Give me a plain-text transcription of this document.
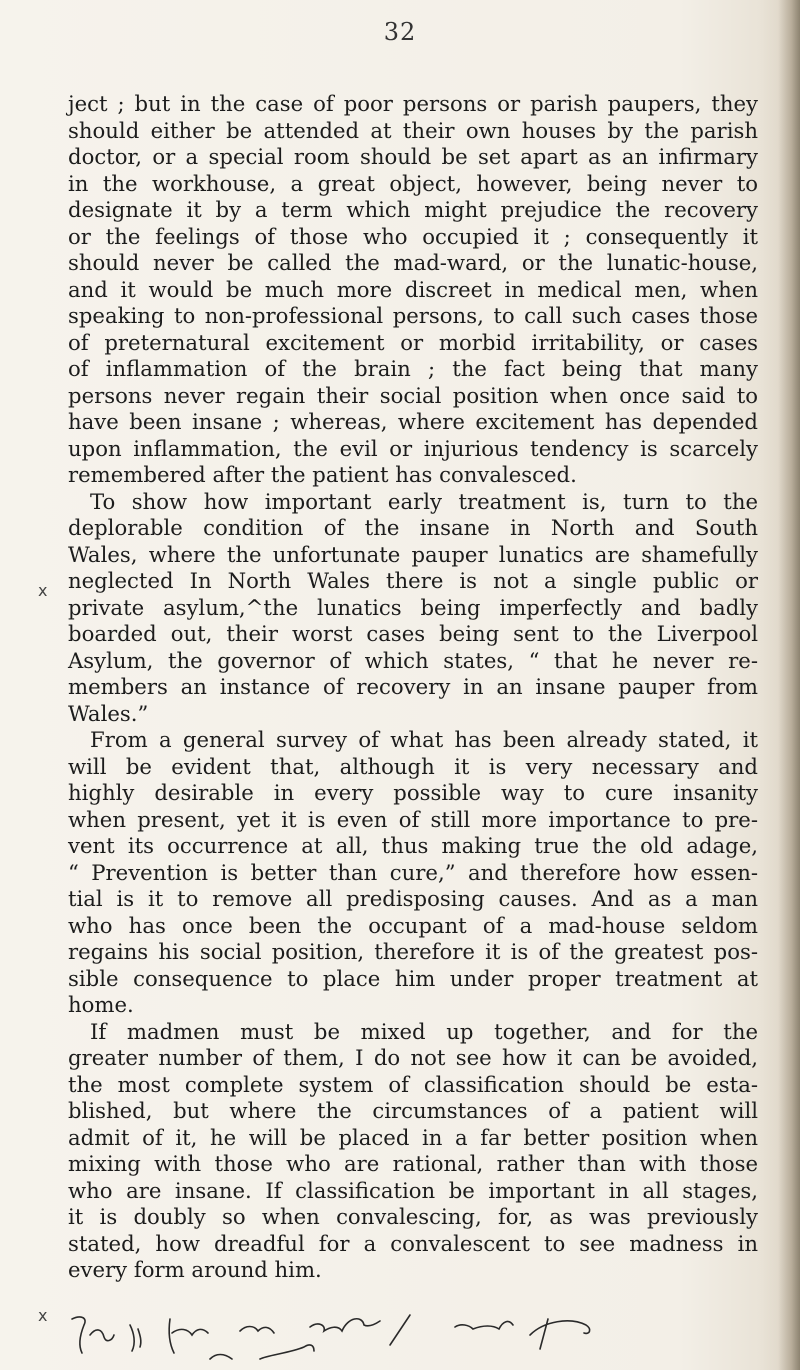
32
ject ; but in the case of poor persons or parish paupers, they
should either be attended at their own houses by the parish
doctor, or a special room should be set apart as an infirmary
in the workhouse, a great object, however, being never to
designate it by a term which might prejudice the recovery
or the feelings of those who occupied it ; consequently it
should never be called the mad-ward, or the lunatic-house,
and it would be much more discreet in medical men, when
speaking to non-professional persons, to call such cases those
of preternatural excitement or morbid irritability, or cases
of inflammation of the brain ; the fact being that many
persons never regain their social position when once said to
have been insane ; whereas, where excitement has depended
upon inflammation, the evil or injurious tendency is scarcely
remembered after the patient has convalesced.
To show how important early treatment is, turn to the
deplorable condition of the insane in North and South
Wales, where the unfortunate pauper lunatics are shamefully
neglected In North Wales there is not a single public or
private asylum,^the lunatics being imperfectly and badly
boarded out, their worst cases being sent to the Liverpool
Asylum, the governor of which states, “ that he never re-
members an instance of recovery in an insane pauper from
Wales.”
From a general survey of what has been already stated, it
will be evident that, although it is very necessary and
highly desirable in every possible way to cure insanity
when present, yet it is even of still more importance to pre-
vent its occurrence at all, thus making true the old adage,
“ Prevention is better than cure,” and therefore how essen-
tial is it to remove all predisposing causes. And as a man
who has once been the occupant of a mad-house seldom
regains his social position, therefore it is of the greatest pos-
sible consequence to place him under proper treatment at
home.
If madmen must be mixed up together, and for the
greater number of them, I do not see how it can be avoided,
the most complete system of classification should be esta-
blished, but where the circumstances of a patient will
admit of it, he will be placed in a far better position when
mixing with those who are rational, rather than with those
who are insane. If classification be important in all stages,
it is doubly so when convalescing, for, as was previously
stated, how dreadful for a convalescent to see madness in
every form around him.
x
x
